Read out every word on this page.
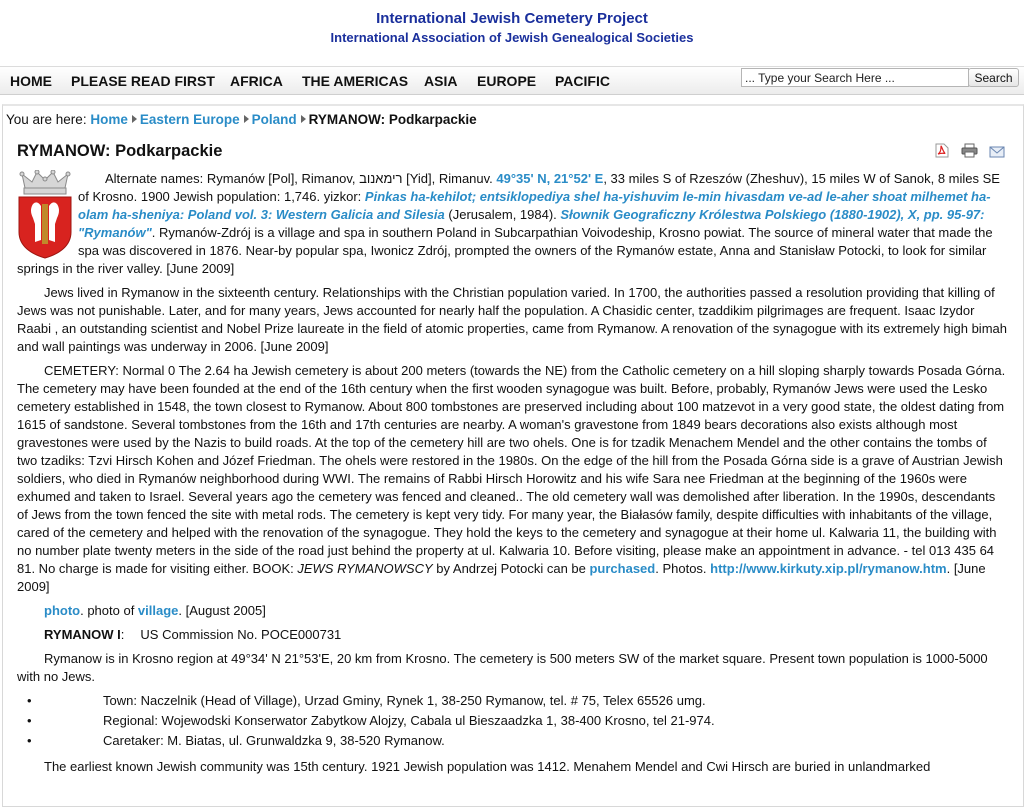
International Jewish Cemetery Project
International Association of Jewish Genealogical Societies
HOME PLEASE READ FIRST AFRICA THE AMERICAS ASIA EUROPE PACIFIC
... Type your Search Here ...	Search
You are here: Home Eastern Europe Poland RYMANOW: Podkarpackie

RYMANOW: Podkarpackie

Alternate names: Rymanów [Pol], Rimanov, רימאנוב [Yid], Rimanuv. 49°35' N, 21°52' E, 33 miles S of Rzeszów (Zheshuv), 15 miles W of Sanok, 8 miles SE of Krosno. 1900 Jewish population: 1,746. yizkor: Pinkas ha-kehilot; entsiklopediya shel ha-yishuvim le-min hivasdam ve-ad le-aher shoat milhemet ha-olam ha-sheniya: Poland vol. 3: Western Galicia and Silesia (Jerusalem, 1984). Słownik Geograficzny Królestwa Polskiego (1880-1902), X, pp. 95-97: "Rymanów". Rymanów-Zdrój is a village and spa in southern Poland in Subcarpathian Voivodeship, Krosno powiat. The source of mineral water that made the spa was discovered in 1876. Near-by popular spa, Iwonicz Zdrój, prompted the owners of the Rymanów estate, Anna and Stanisław Potocki, to look for similar springs in the river valley. [June 2009]

Jews lived in Rymanow in the sixteenth century. Relationships with the Christian population varied. In 1700, the authorities passed a resolution providing that killing of Jews was not punishable. Later, and for many years, Jews accounted for nearly half the population. A Chasidic center, tzaddikim pilgrimages are frequent. Isaac Izydor Raabi , an outstanding scientist and Nobel Prize laureate in the field of atomic properties, came from Rymanow. A renovation of the synagogue with its extremely high bimah and wall paintings was underway in 2006. [June 2009]

CEMETERY: Normal 0 The 2.64 ha Jewish cemetery is about 200 meters (towards the NE) from the Catholic cemetery on a hill sloping sharply towards Posada Górna. The cemetery may have been founded at the end of the 16th century when the first wooden synagogue was built. Before, probably, Rymanów Jews were used the Lesko cemetery established in 1548, the town closest to Rymanow. About 800 tombstones are preserved including about 100 matzevot in a very good state, the oldest dating from 1615 of sandstone. Several tombstones from the 16th and 17th centuries are nearby. A woman's gravestone from 1849 bears decorations also exists although most gravestones were used by the Nazis to build roads. At the top of the cemetery hill are two ohels. One is for tzadik Menachem Mendel and the other contains the tombs of two tzadiks: Tzvi Hirsch Kohen and Józef Friedman. The ohels were restored in the 1980s. On the edge of the hill from the Posada Górna side is a grave of Austrian Jewish soldiers, who died in Rymanów neighborhood during WWI. The remains of Rabbi Hirsch Horowitz and his wife Sara nee Friedman at the beginning of the 1960s were exhumed and taken to Israel. Several years ago the cemetery was fenced and cleaned.. The old cemetery wall was demolished after liberation. In the 1990s, descendants of Jews from the town fenced the site with metal rods. The cemetery is kept very tidy. For many year, the Białasów family, despite difficulties with inhabitants of the village, cared of the cemetery and helped with the renovation of the synagogue. They hold the keys to the cemetery and synagogue at their home ul. Kalwaria 11, the building with no number plate twenty meters in the side of the road just behind the property at ul. Kalwaria 10. Before visiting, please make an appointment in advance. - tel 013 435 64 81. No charge is made for visiting either. BOOK: JEWS RYMANOWSCY by Andrzej Potocki can be purchased. Photos. http://www.kirkuty.xip.pl/rymanow.htm. [June 2009]

photo. photo of village. [August 2005]

RYMANOW I: US Commission No. POCE000731

Rymanow is in Krosno region at 49°34' N 21°53'E, 20 km from Krosno. The cemetery is 500 meters SW of the market square. Present town population is 1000-5000 with no Jews.

• Town: Naczelnik (Head of Village), Urzad Gminy, Rynek 1, 38-250 Rymanow, tel. # 75, Telex 65526 umg.
• Regional: Wojewodski Konserwator Zabytkow Alojzy, Cabala ul Bieszaadzka 1, 38-400 Krosno, tel 21-974.
• Caretaker: M. Biatas, ul. Grunwaldzka 9, 38-520 Rymanow.

The earliest known Jewish community was 15th century. 1921 Jewish population was 1412. Menahem Mendel and Cwi Hirsch are buried in unlandmarked
